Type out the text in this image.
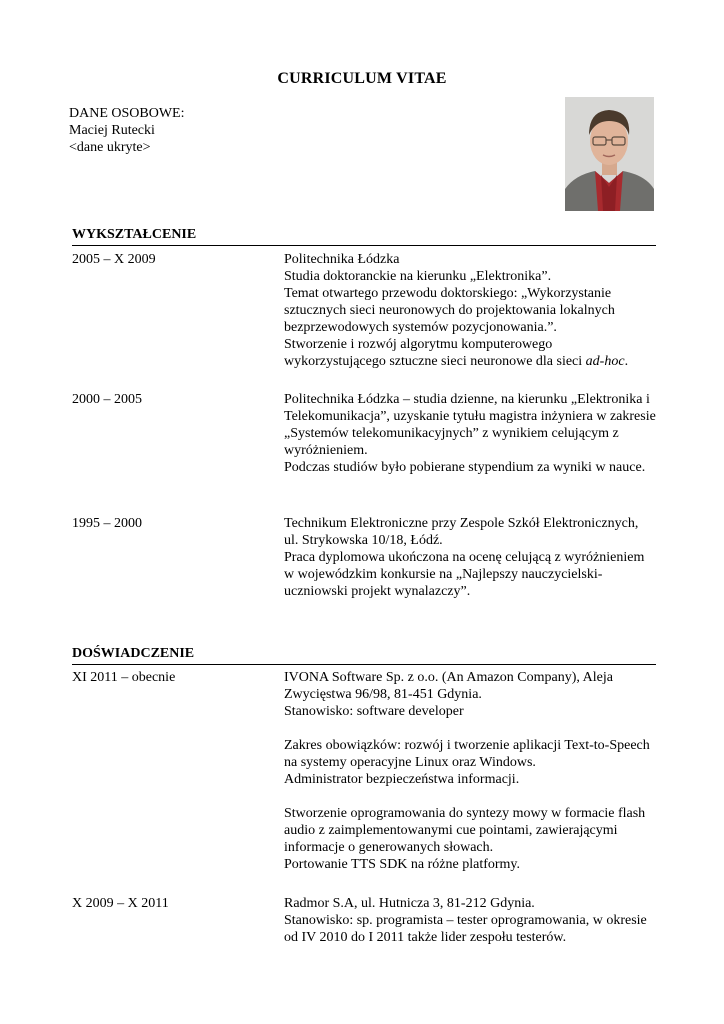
CURRICULUM VITAE
DANE OSOBOWE:
Maciej Rutecki
<dane ukryte>
WYKSZTAŁCENIE
2005 – X 2009	Politechnika Łódzka

Studia doktoranckie na kierunku „Elektronika”.

Temat otwartego przewodu doktorskiego: „Wykorzystanie sztucznych sieci neuronowych do projektowania lokalnych bezprzewodowych systemów pozycjonowania.”.

Stworzenie i rozwój algorytmu komputerowego wykorzystującego sztuczne sieci neuronowe dla sieci ad-hoc.

2000 – 2005	Politechnika Łódzka – studia dzienne, na kierunku „Elektronika i Telekomunikacja”, uzyskanie tytułu magistra inżyniera w zakresie „Systemów telekomunikacyjnych” z wynikiem celującym z wyróżnieniem.

Podczas studiów było pobierane stypendium za wyniki w nauce.

1995 – 2000	Technikum Elektroniczne przy Zespole Szkół Elektronicznych, ul. Strykowska 10/18, Łódź.

Praca dyplomowa ukończona na ocenę celującą z wyróżnieniem w wojewódzkim konkursie na „Najlepszy nauczycielski-uczniowski projekt wynalazczy”.

DOŚWIADCZENIE
XI 2011 – obecnie	IVONA Software Sp. z o.o. (An Amazon Company), Aleja Zwycięstwa 96/98, 81-451 Gdynia.

Stanowisko: software developer

Zakres obowiązków: rozwój i tworzenie aplikacji Text-to-Speech na systemy operacyjne Linux oraz Windows.

Administrator bezpieczeństwa informacji.

Stworzenie oprogramowania do syntezy mowy w formacie flash audio z zaimplementowanymi cue pointami, zawierającymi informacje o generowanych słowach.

Portowanie TTS SDK na różne platformy.

X 2009 – X 2011	Radmor S.A, ul. Hutnicza 3, 81-212 Gdynia.

Stanowisko: sp. programista – tester oprogramowania, w okresie od IV 2010 do I 2011 także lider zespołu testerów.
